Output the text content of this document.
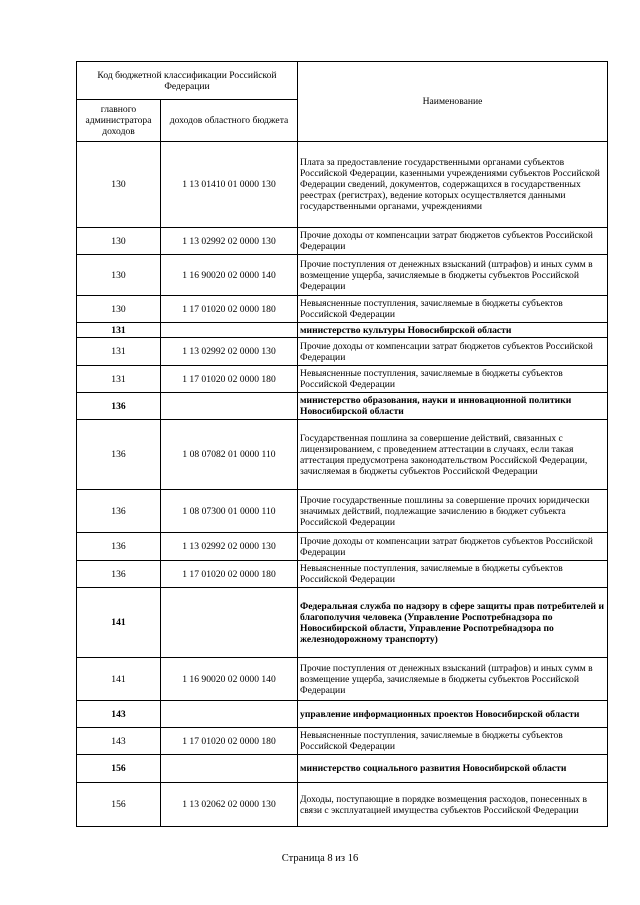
Код бюджетной классификации Российской Федерации		Наименование
главного администратора доходов	доходов областного бюджета	
130	1 13 01410 01 0000 130	Плата за предоставление государственными органами субъектов Российской Федерации, казенными учреждениями субъектов Российской Федерации сведений, документов, содержащихся в государственных реестрах (регистрах), ведение которых осуществляется данными государственными органами, учреждениями
130	1 13 02992 02 0000 130	Прочие доходы от компенсации затрат бюджетов субъектов Российской Федерации
130	1 16 90020 02 0000 140	Прочие поступления от денежных взысканий (штрафов) и иных сумм в возмещение ущерба, зачисляемые в бюджеты субъектов Российской Федерации
130	1 17 01020 02 0000 180	Невыясненные поступления, зачисляемые в бюджеты субъектов Российской Федерации
131		министерство культуры Новосибирской области
131	1 13 02992 02 0000 130	Прочие доходы от компенсации затрат бюджетов субъектов Российской Федерации
131	1 17 01020 02 0000 180	Невыясненные поступления, зачисляемые в бюджеты субъектов Российской Федерации
136		министерство образования, науки и инновационной политики Новосибирской области
136	1 08 07082 01 0000 110	Государственная пошлина за совершение действий, связанных с лицензированием, с проведением аттестации в случаях, если такая аттестация предусмотрена законодательством Российской Федерации, зачисляемая в бюджеты субъектов Российской Федерации
136	1 08 07300 01 0000 110	Прочие государственные пошлины за совершение прочих юридически значимых действий, подлежащие зачислению в бюджет субъекта Российской Федерации
136	1 13 02992 02 0000 130	Прочие доходы от компенсации затрат бюджетов субъектов Российской Федерации
136	1 17 01020 02 0000 180	Невыясненные поступления, зачисляемые в бюджеты субъектов Российской Федерации
141		Федеральная служба по надзору в сфере защиты прав потребителей и благополучия человека (Управление Роспотребнадзора по Новосибирской области, Управление Роспотребнадзора по железнодорожному транспорту)
141	1 16 90020 02 0000 140	Прочие поступления от денежных взысканий (штрафов) и иных сумм в возмещение ущерба, зачисляемые в бюджеты субъектов Российской Федерации
143		управление информационных проектов Новосибирской области
143	1 17 01020 02 0000 180	Невыясненные поступления, зачисляемые в бюджеты субъектов Российской Федерации
156		министерство социального развития Новосибирской области
156	1 13 02062 02 0000 130	Доходы, поступающие в порядке возмещения расходов, понесенных в связи с эксплуатацией имущества субъектов Российской Федерации
Страница 8 из 16
